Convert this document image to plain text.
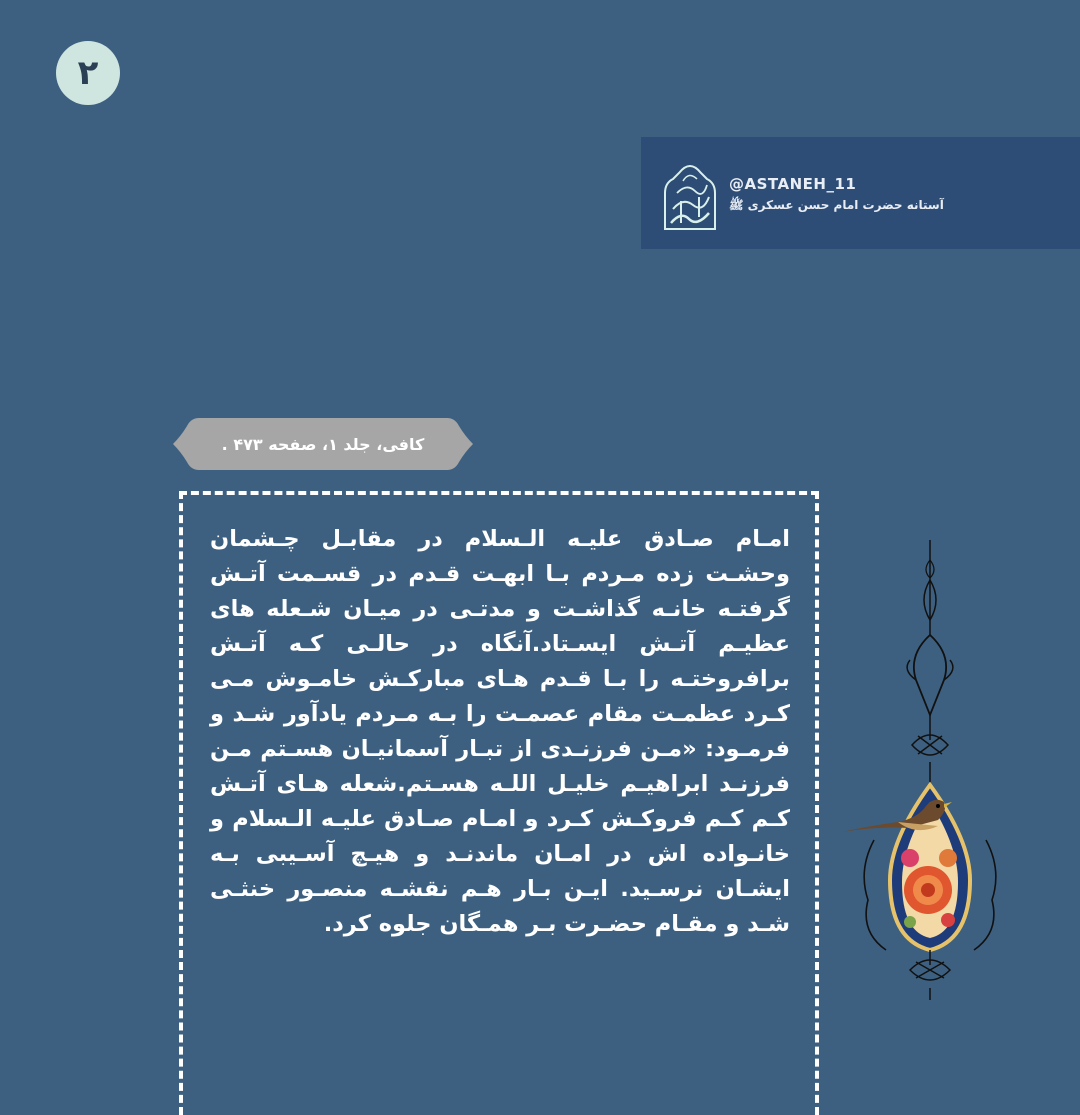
۲
@ASTANEH_11
آستانه حضرت امام حسن عسکری ﷺ
کافی، جلد ۱، صفحه ۴۷۳ .
امـام صـادق علیـه الـسلام در مقابـل چـشمان وحشـت زده مـردم بـا ابهـت قـدم در قسـمت آتـش گرفتـه خانـه گذاشـت و مدتـی در میـان شـعله های عظیـم آتـش ایسـتاد.آنگاه در حالـی کـه آتـش برافروختـه را بـا قـدم هـای مبارکـش خامـوش مـی کـرد عظمـت مقام عصمـت را بـه مـردم یادآور شـد و فرمـود: «مـن فرزنـدی از تبـار آسمانیـان هسـتم مـن فرزنـد ابراهیـم خلیـل اللـه هسـتم.شعله هـای آتـش کـم کـم فروکـش کـرد و امـام صـادق علیـه الـسلام و خانـواده اش در امـان ماندنـد و هیـچ آسـیبی بـه ایشـان نرسـید. ایـن بـار هـم نقشـه منصـور خنثـی شـد و مقـام حضـرت بـر همـگان جلوه کرد.
